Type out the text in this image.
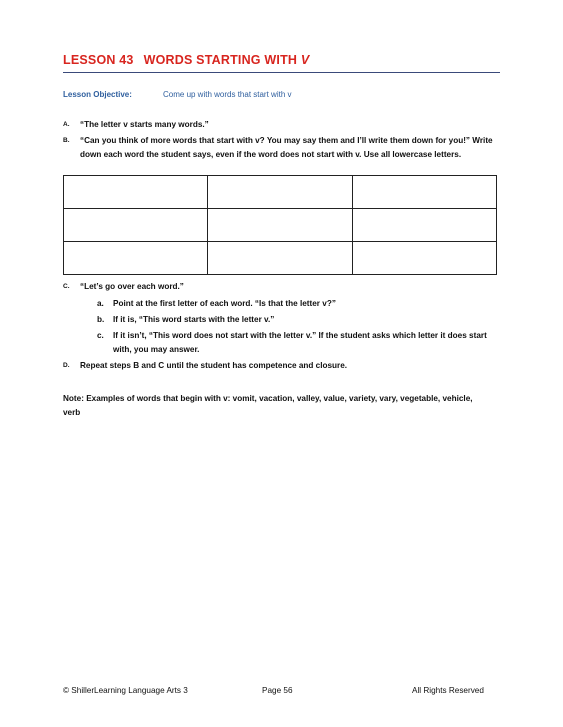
LESSON 43 WORDS STARTING WITH V
Lesson Objective:	Come up with words that start with v
A. “The letter v starts many words.”
B. “Can you think of more words that start with v? You may say them and I’ll write them down for you!” Write down each word the student says, even if the word does not start with v. Use all lowercase letters.

C. “Let’s go over each word.”
a. Point at the first letter of each word. “Is that the letter v?”
b. If it is, “This word starts with the letter v.”
c. If it isn’t, “This word does not start with the letter v.” If the student asks which letter it does start with, you may answer.
D. Repeat steps B and C until the student has competence and closure.
Note: Examples of words that begin with v: vomit, vacation, valley, value, variety, vary, vegetable, vehicle, verb
© ShillerLearning Language Arts 3	Page 56	All Rights Reserved
